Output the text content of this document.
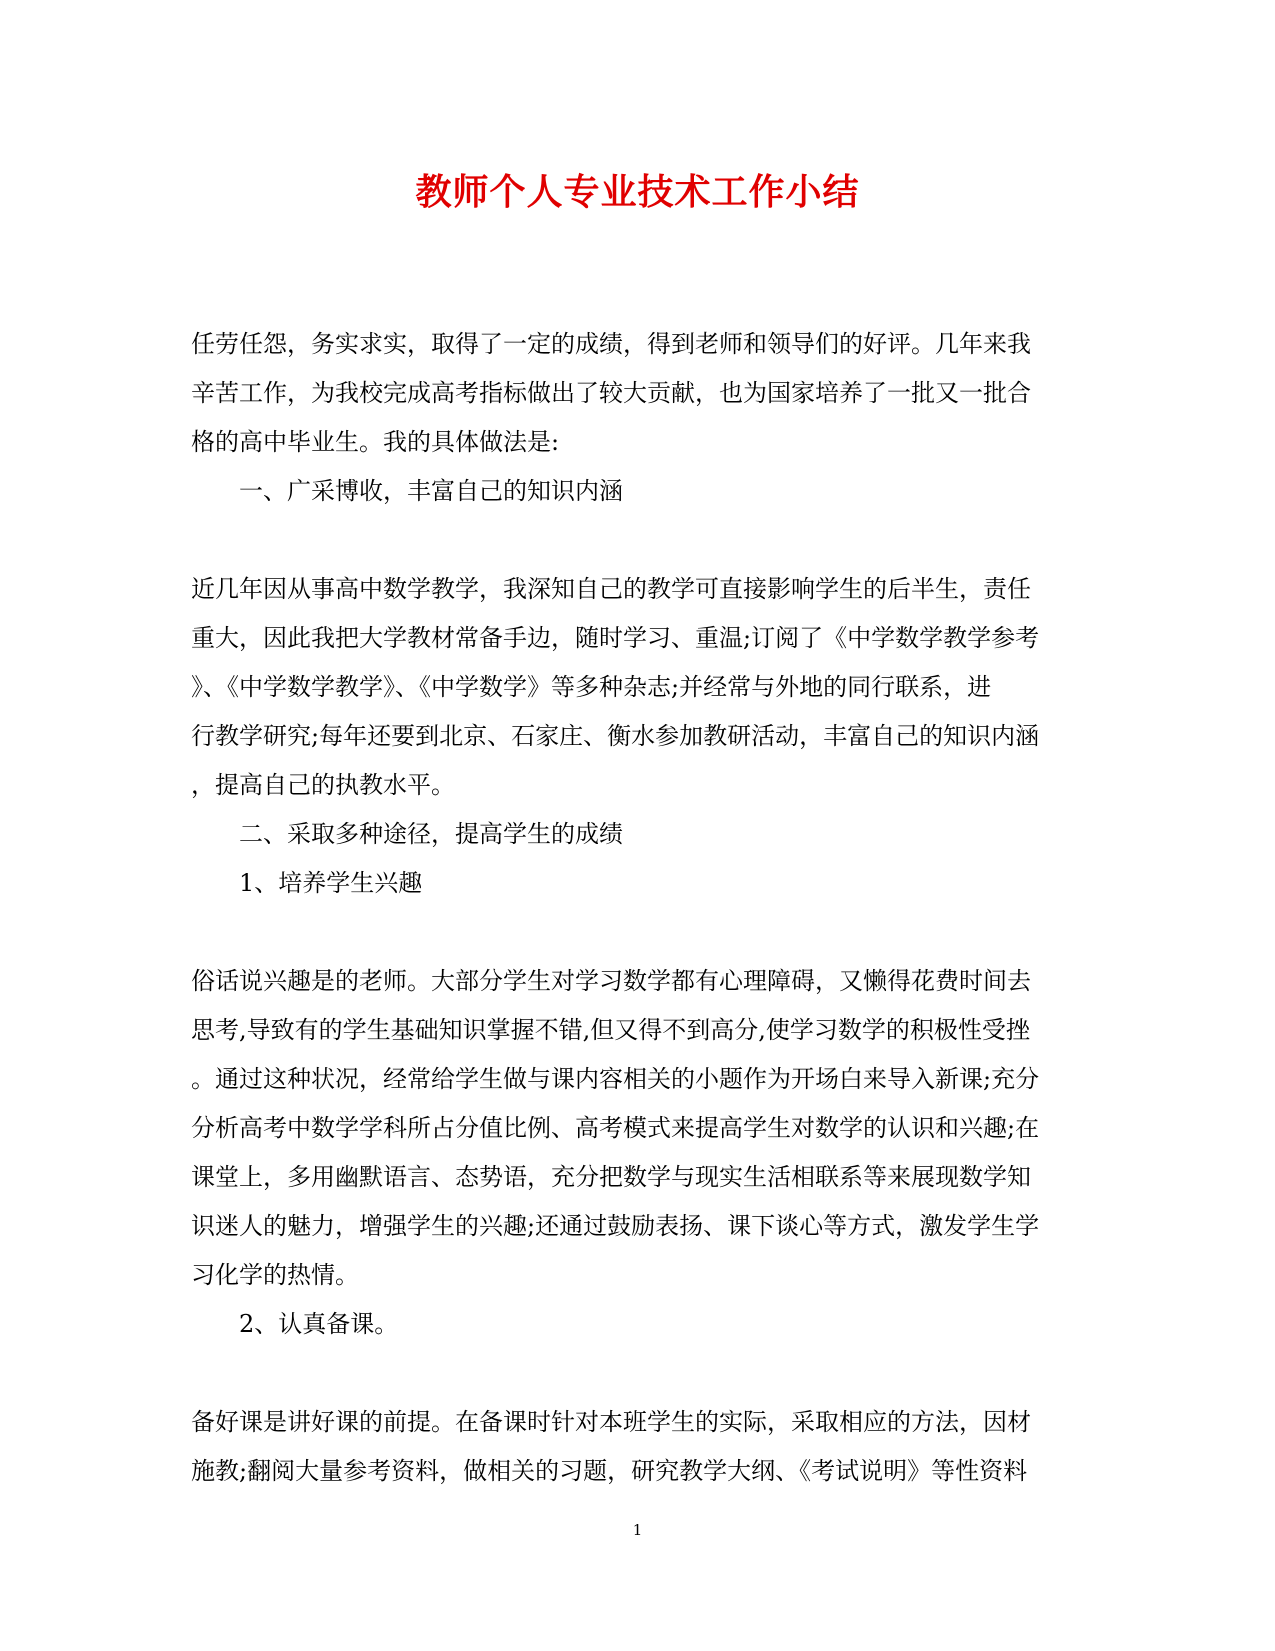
教师个人专业技术工作小结
任劳任怨，务实求实，取得了一定的成绩，得到老师和领导们的好评。几年来我
辛苦工作，为我校完成高考指标做出了较大贡献，也为国家培养了一批又一批合
格的高中毕业生。我的具体做法是:
一、广采博收，丰富自己的知识内涵
近几年因从事高中数学教学，我深知自己的教学可直接影响学生的后半生，责任
重大，因此我把大学教材常备手边，随时学习、重温;订阅了《中学数学教学参考
》、《中学数学教学》、《中学数学》等多种杂志;并经常与外地的同行联系，进
行教学研究;每年还要到北京、石家庄、衡水参加教研活动，丰富自己的知识内涵
，提高自己的执教水平。
二、采取多种途径，提高学生的成绩
1、培养学生兴趣
俗话说兴趣是的老师。大部分学生对学习数学都有心理障碍，又懒得花费时间去
思考,导致有的学生基础知识掌握不错,但又得不到高分,使学习数学的积极性受挫
。通过这种状况，经常给学生做与课内容相关的小题作为开场白来导入新课;充分
分析高考中数学学科所占分值比例、高考模式来提高学生对数学的认识和兴趣;在
课堂上，多用幽默语言、态势语，充分把数学与现实生活相联系等来展现数学知
识迷人的魅力，增强学生的兴趣;还通过鼓励表扬、课下谈心等方式，激发学生学
习化学的热情。
2、认真备课。
备好课是讲好课的前提。在备课时针对本班学生的实际，采取相应的方法，因材
施教;翻阅大量参考资料，做相关的习题，研究教学大纲、《考试说明》等性资料
1
